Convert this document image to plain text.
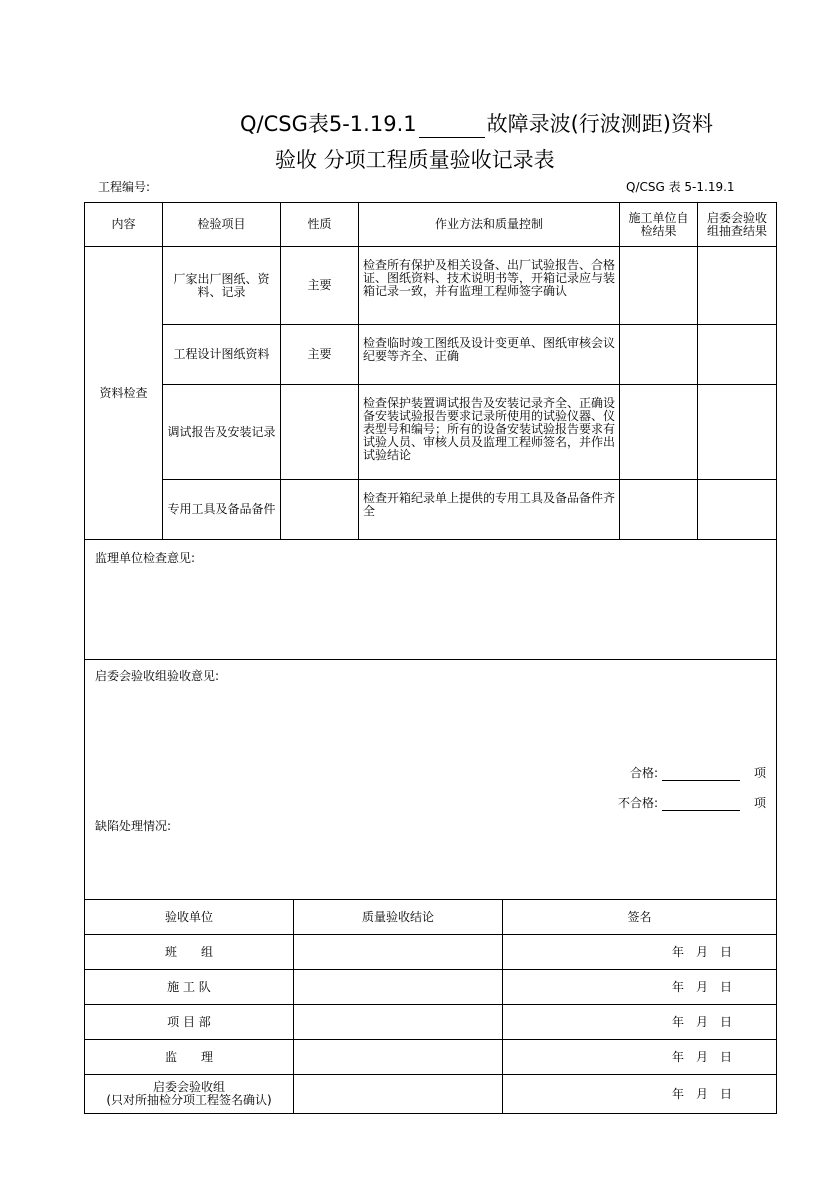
Q/CSG表5-1.19.1	故障录波(行波测距)资料
验收 分项工程质量验收记录表
工程编号:	Q/CSG 表 5-1.19.1
内容	检验项目	性质	作业方法和质量控制	施工单位自检结果	启委会验收组抽查结果
资料检查	厂家出厂图纸、资料、记录	主要	检查所有保护及相关设备、出厂试验报告、合格证、图纸资料、技术说明书等，开箱记录应与装箱记录一致，并有监理工程师签字确认		
	工程设计图纸资料	主要	检查临时竣工图纸及设计变更单、图纸审核会议纪要等齐全、正确		
	调试报告及安装记录		检查保护装置调试报告及安装记录齐全、正确设备安装试验报告要求记录所使用的试验仪器、仪表型号和编号；所有的设备安装试验报告要求有试验人员、审核人员及监理工程师签名，并作出试验结论		
	专用工具及备品备件		检查开箱纪录单上提供的专用工具及备品备件齐全		
监理单位检查意见:
启委会验收组验收意见:
合格:	项
不合格:	项
缺陷处理情况:
验收单位	质量验收结论	签名
班　　组		年　月　日
施 工 队		年　月　日
项 目 部		年　月　日
监　　理		年　月　日
启委会验收组
(只对所抽检分项工程签名确认)		年　月　日
